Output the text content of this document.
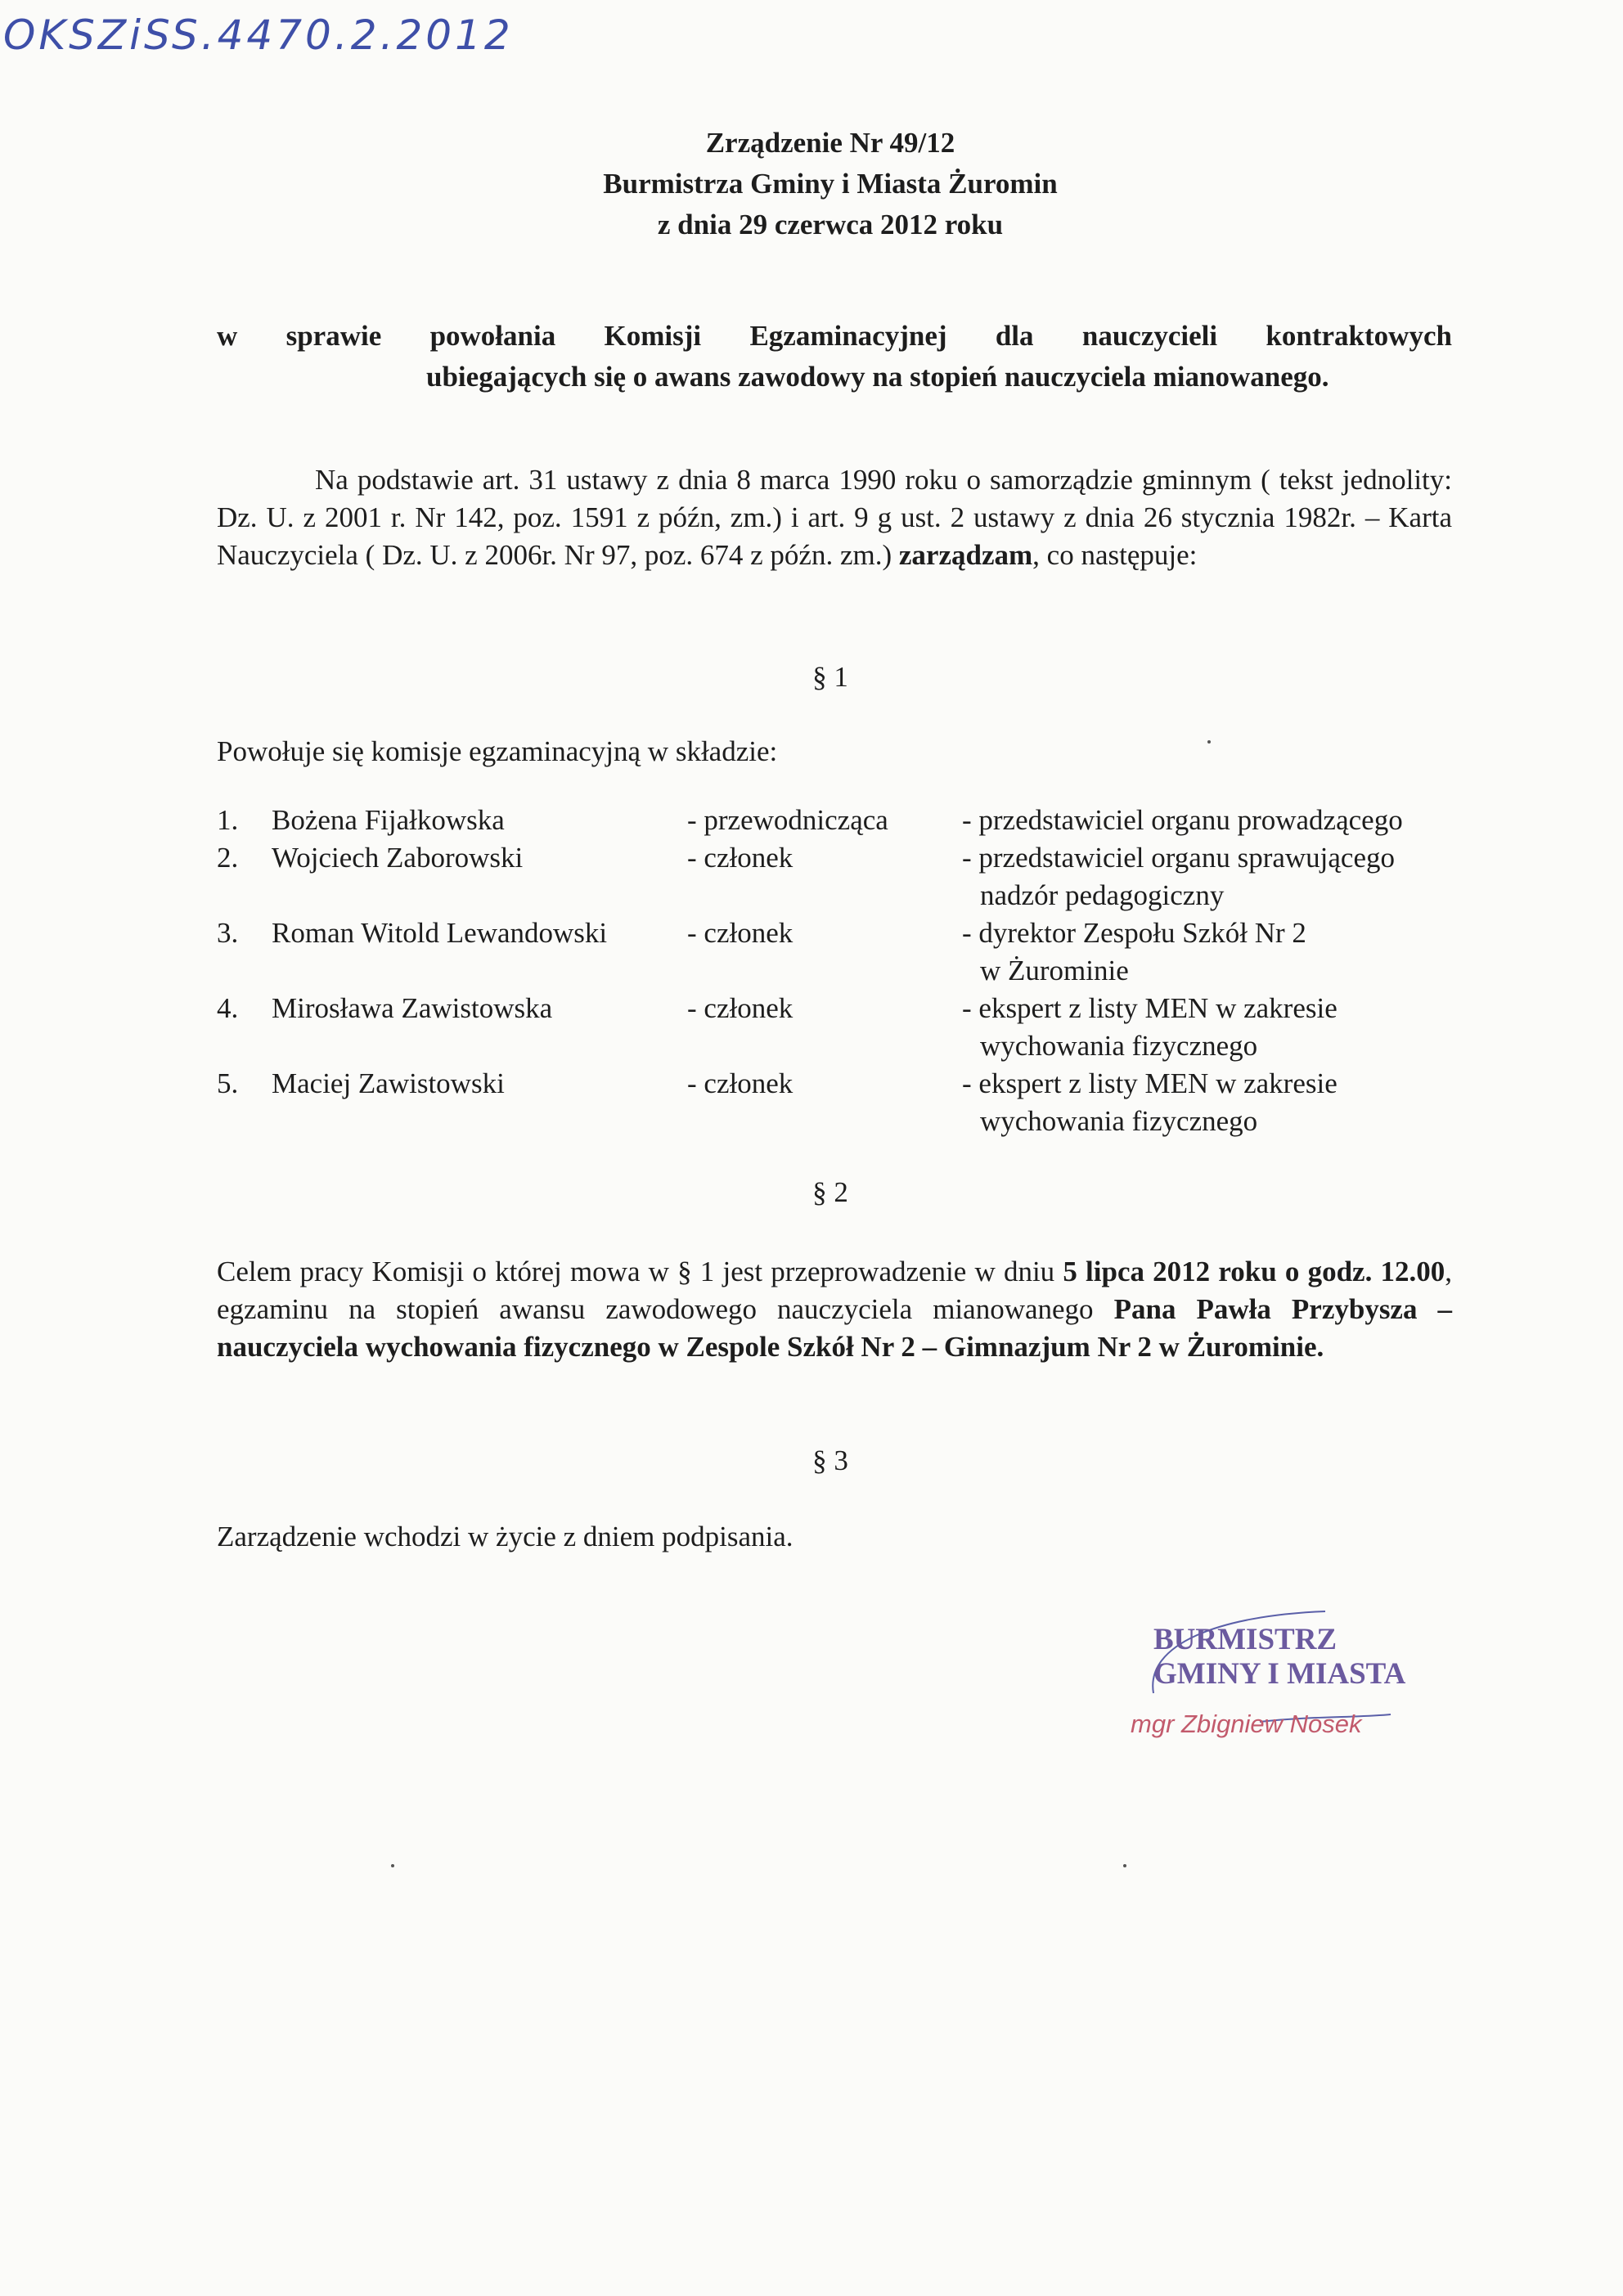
OKSZiSS.4470.2.2012
Zrządzenie Nr 49/12
Burmistrza Gminy i Miasta Żuromin
z dnia 29 czerwca 2012 roku
w sprawie powołania Komisji Egzaminacyjnej dla nauczycieli kontraktowych
ubiegających się o awans zawodowy na stopień nauczyciela mianowanego.
Na podstawie art. 31 ustawy z dnia 8 marca 1990 roku o samorządzie gminnym ( tekst jednolity: Dz. U. z 2001 r. Nr 142, poz. 1591 z późn, zm.) i art. 9 g ust. 2 ustawy z dnia 26 stycznia 1982r. – Karta Nauczyciela ( Dz. U. z 2006r. Nr 97, poz. 674 z późn. zm.) zarządzam, co następuje:
§ 1
Powołuje się komisje egzaminacyjną w składzie:
1.	Bożena Fijałkowska	- przewodnicząca	- przedstawiciel organu prowadzącego
2.	Wojciech Zaborowski	- członek	- przedstawiciel organu sprawującego
nadzór pedagogiczny
3.	Roman Witold Lewandowski	- członek	- dyrektor Zespołu Szkół Nr 2
w Żurominie
4.	Mirosława Zawistowska	- członek	- ekspert z listy MEN w zakresie
wychowania fizycznego
5.	Maciej Zawistowski	- członek	- ekspert z listy MEN w zakresie
wychowania fizycznego
§ 2
Celem pracy Komisji o której mowa w § 1 jest przeprowadzenie w dniu 5 lipca 2012 roku o godz. 12.00, egzaminu na stopień awansu zawodowego nauczyciela mianowanego Pana Pawła Przybysza – nauczyciela wychowania fizycznego w Zespole Szkół Nr 2 – Gimnazjum Nr 2 w Żurominie.
§ 3
Zarządzenie wchodzi w życie z dniem podpisania.
BURMISTRZ
GMINY I MIASTA
mgr Zbigniew Nosek
